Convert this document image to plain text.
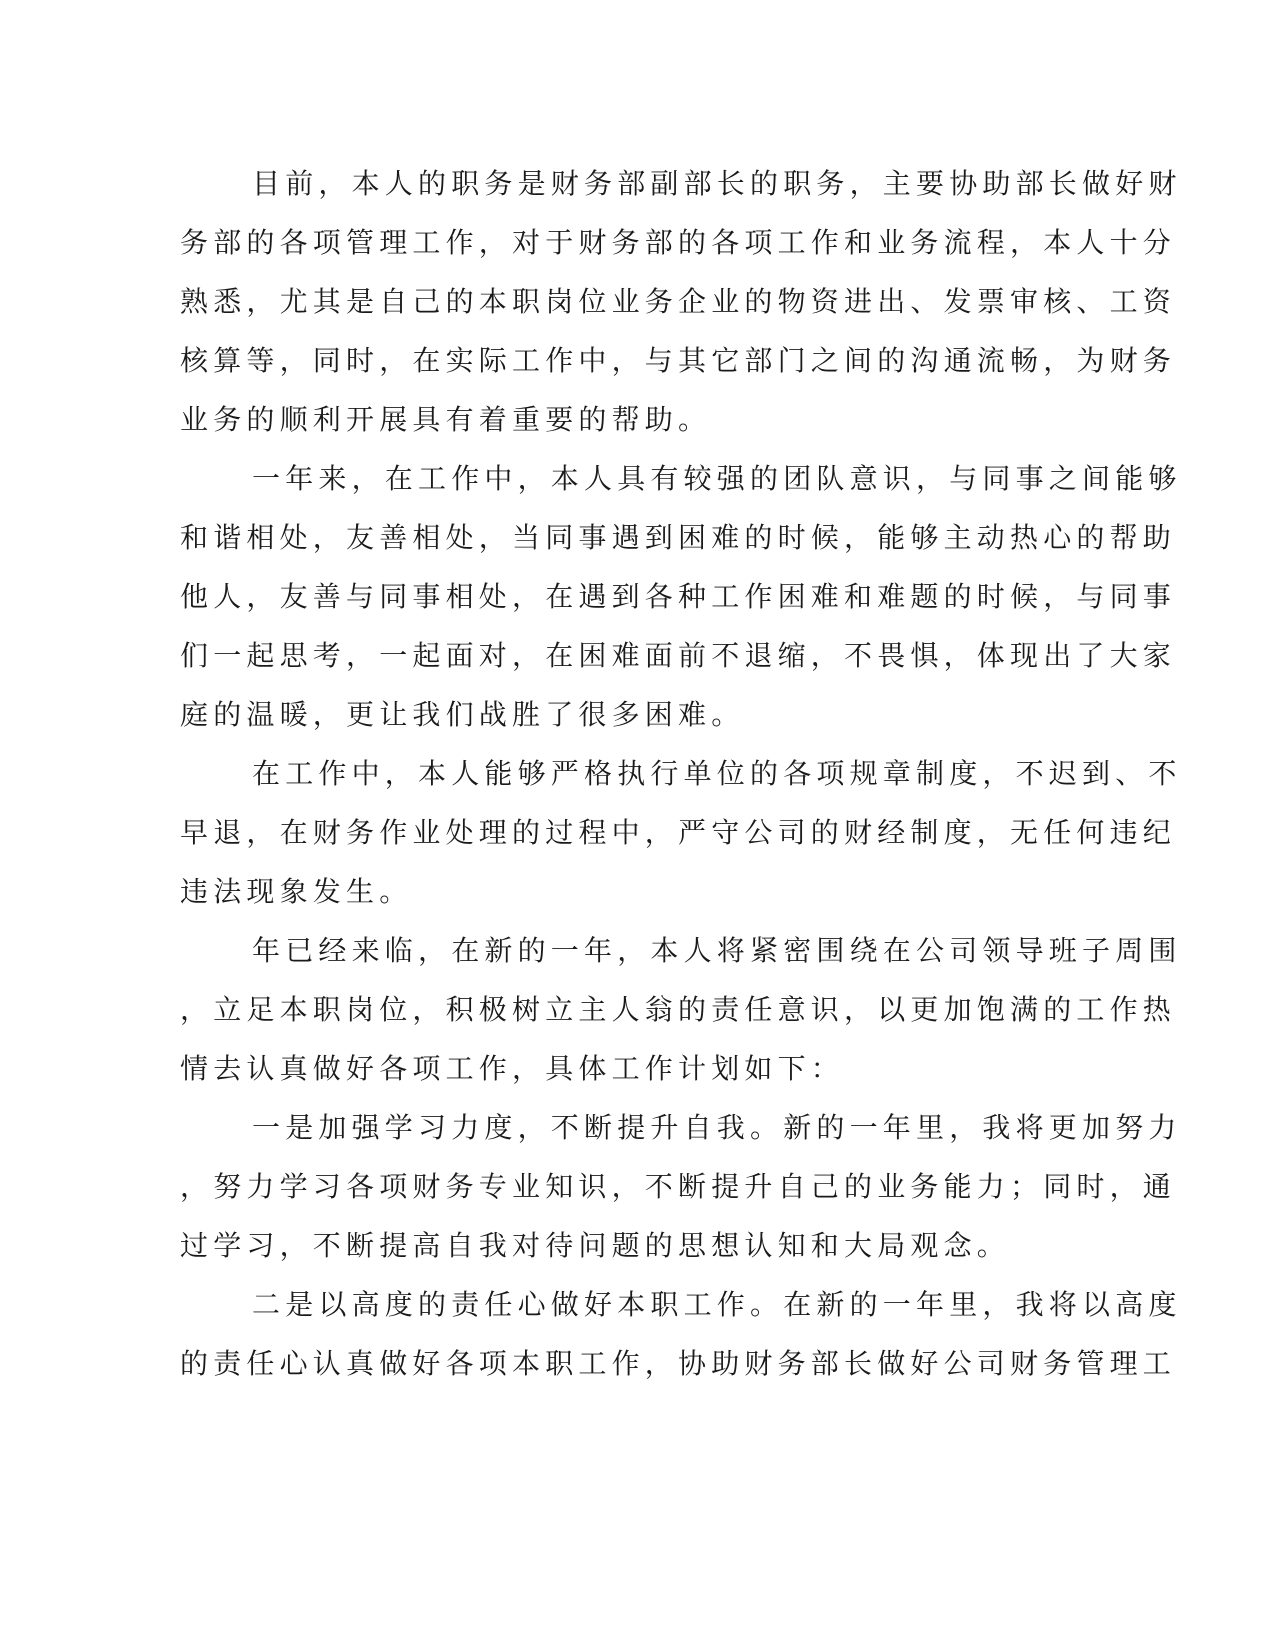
目前，本人的职务是财务部副部长的职务，主要协助部长做好财

务部的各项管理工作，对于财务部的各项工作和业务流程，本人十分

熟悉，尤其是自己的本职岗位业务企业的物资进出、发票审核、工资

核算等，同时，在实际工作中，与其它部门之间的沟通流畅，为财务

业务的顺利开展具有着重要的帮助。

一年来，在工作中，本人具有较强的团队意识，与同事之间能够

和谐相处，友善相处，当同事遇到困难的时候，能够主动热心的帮助

他人，友善与同事相处，在遇到各种工作困难和难题的时候，与同事

们一起思考，一起面对，在困难面前不退缩，不畏惧，体现出了大家

庭的温暖，更让我们战胜了很多困难。

在工作中，本人能够严格执行单位的各项规章制度，不迟到、不

早退，在财务作业处理的过程中，严守公司的财经制度，无任何违纪

违法现象发生。

年已经来临，在新的一年，本人将紧密围绕在公司领导班子周围

，立足本职岗位，积极树立主人翁的责任意识，以更加饱满的工作热

情去认真做好各项工作，具体工作计划如下：

一是加强学习力度，不断提升自我。新的一年里，我将更加努力

，努力学习各项财务专业知识，不断提升自己的业务能力；同时，通

过学习，不断提高自我对待问题的思想认知和大局观念。

二是以高度的责任心做好本职工作。在新的一年里，我将以高度

的责任心认真做好各项本职工作，协助财务部长做好公司财务管理工
